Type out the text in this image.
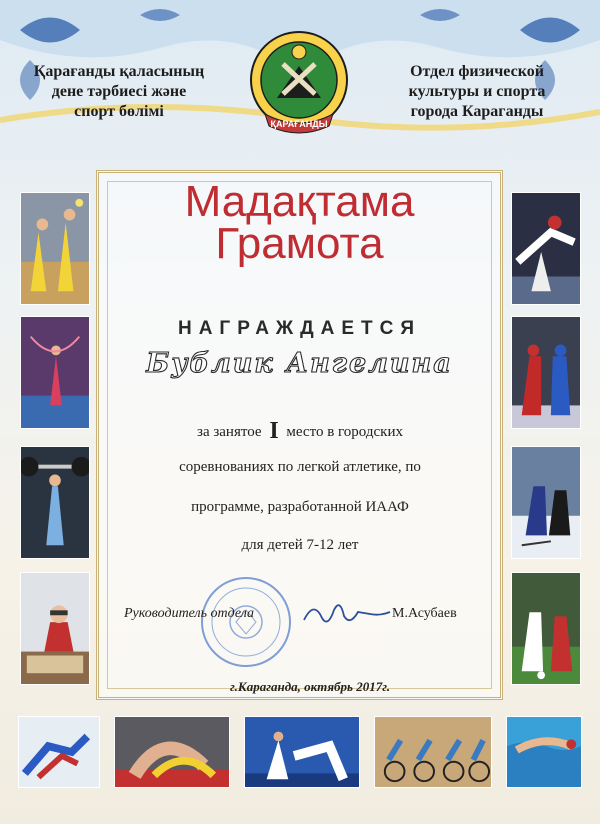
Қарағанды қаласының
дене тәрбиесі және
спорт бөлімі
ҚАРАҒАНДЫ
Отдел физической
культуры и спорта
города Караганды
Мадақтама
Грамота
НАГРАЖДАЕТСЯ
Бублик Ангелина
за занятое I место в городских
соревнованиях по легкой атлетике, по
программе, разработанной ИААФ
для детей 7-12 лет
Руководитель отдела	М.Асубаев
г.Караганда, октябрь 2017г.
